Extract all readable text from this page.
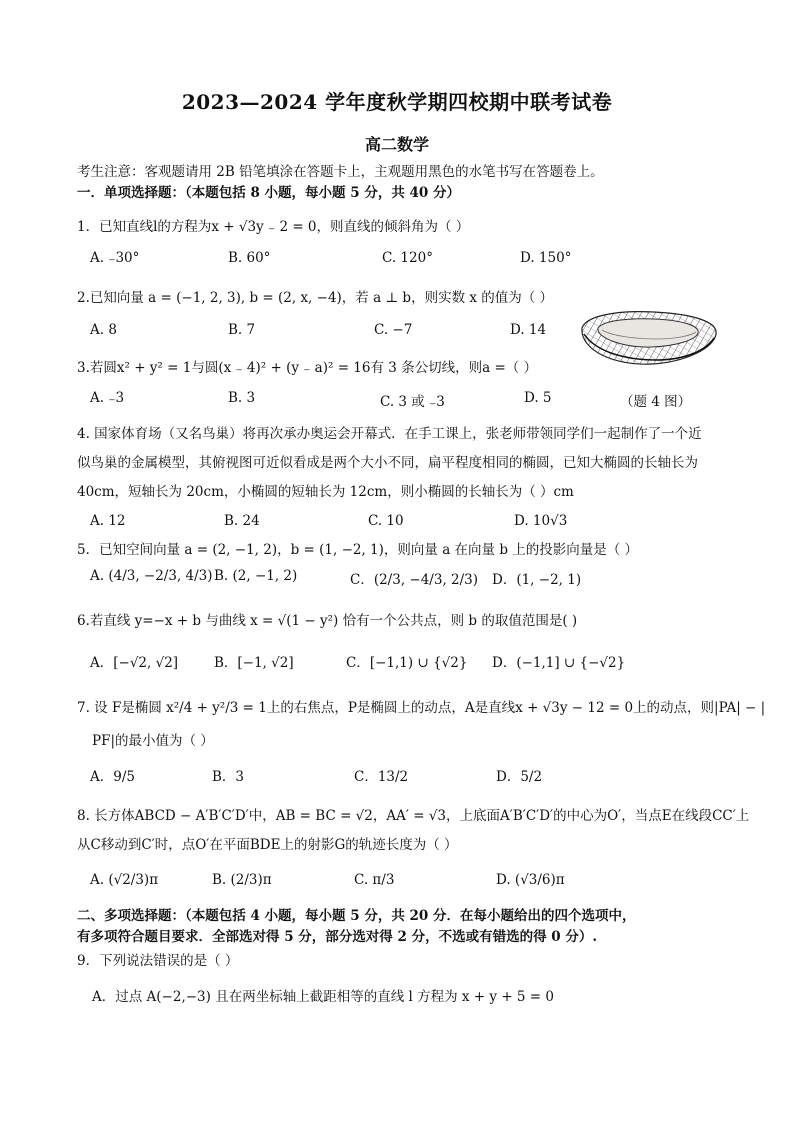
2023—2024 学年度秋学期四校期中联考试卷
高二数学
考生注意：客观题请用 2B 铅笔填涂在答题卡上，主观题用黑色的水笔书写在答题卷上。
一．单项选择题：（本题包括 8 小题，每小题 5 分，共 40 分）
1．已知直线l的方程为x + √3y ₋ 2 = 0，则直线的倾斜角为（ ）
A. ₋30°	B. 60°	C. 120°	D. 150°
2.已知向量 a = (−1, 2, 3), b = (2, x, −4)，若 a ⊥ b，则实数 x 的值为（ ）
A. 8	B. 7	C. −7	D. 14
3.若圆x² + y² = 1与圆(x ₋ 4)² + (y ₋ a)² = 16有 3 条公切线，则a =（ ）
A. ₋3	B. 3	C. 3 或 ₋3	D. 5	（题 4 图）
4. 国家体育场（又名鸟巢）将再次承办奥运会开幕式．在手工课上，张老师带领同学们一起制作了一个近
似鸟巢的金属模型，其俯视图可近似看成是两个大小不同，扁平程度相同的椭圆，已知大椭圆的长轴长为
40cm，短轴长为 20cm，小椭圆的短轴长为 12cm，则小椭圆的长轴长为（ ）cm
A. 12	B. 24	C. 10	D. 10√3
5．已知空间向量 a = (2, −1, 2)，b = (1, −2, 1)，则向量 a 在向量 b 上的投影向量是（ ）
A. (4/3, −2/3, 4/3) B. (2, −1, 2)	C．(2/3, −4/3, 2/3) D．(1, −2, 1)
6.若直线 y=−x + b 与曲线 x = √(1 − y²) 恰有一个公共点，则 b 的取值范围是( )
A．[−√2, √2]	B．[−1, √2]	C．[−1,1) ∪ {√2} D．(−1,1] ∪ {−√2}
7. 设 F是椭圆 x²/4 + y²/3 = 1上的右焦点，P是椭圆上的动点，A是直线x + √3y − 12 = 0上的动点，则|PA| − |
PF|的最小值为（ ）
A．9/5	B．3	C．13/2	D．5/2
8. 长方体ABCD − A′B′C′D′中，AB = BC = √2，AA′ = √3，上底面A′B′C′D′的中心为O′，当点E在线段CC′上
从C移动到C′时，点O′在平面BDE上的射影G的轨迹长度为（ ）
A. (√2/3)π	B. (2/3)π	C. π/3	D. (√3/6)π
二、多项选择题：（本题包括 4 小题，每小题 5 分，共 20 分．在每小题给出的四个选项中，
有多项符合题目要求．全部选对得 5 分，部分选对得 2 分，不选或有错选的得 0 分）.
9．下列说法错误的是（ ）
A．过点 A(−2,−3) 且在两坐标轴上截距相等的直线 l 方程为 x + y + 5 = 0
